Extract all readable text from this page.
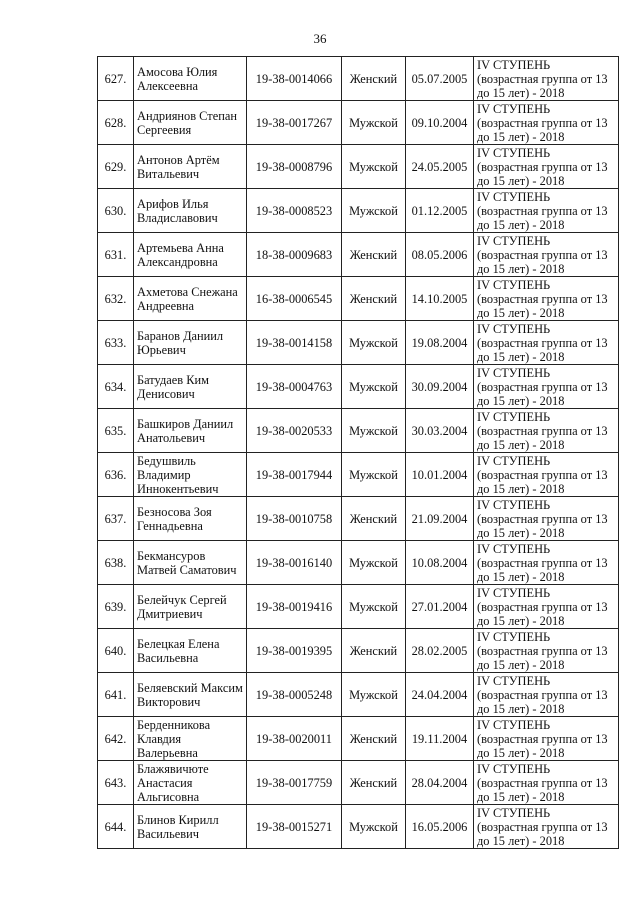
36
627.	Амосова Юлия Алексеевна	19-38-0014066	Женский	05.07.2005	IV СТУПЕНЬ
(возрастная группа от 13
до 15 лет) - 2018

628.	Андриянов Степан Сергеевия	19-38-0017267	Мужской	09.10.2004	IV СТУПЕНЬ
(возрастная группа от 13
до 15 лет) - 2018

629.	Антонов Артём Витальевич	19-38-0008796	Мужской	24.05.2005	IV СТУПЕНЬ
(возрастная группа от 13
до 15 лет) - 2018

630.	Арифов Илья Владиславович	19-38-0008523	Мужской	01.12.2005	IV СТУПЕНЬ
(возрастная группа от 13
до 15 лет) - 2018

631.	Артемьева Анна Александровна	18-38-0009683	Женский	08.05.2006	IV СТУПЕНЬ
(возрастная группа от 13
до 15 лет) - 2018

632.	Ахметова Снежана Андреевна	16-38-0006545	Женский	14.10.2005	IV СТУПЕНЬ
(возрастная группа от 13
до 15 лет) - 2018

633.	Баранов Даниил Юрьевич	19-38-0014158	Мужской	19.08.2004	IV СТУПЕНЬ
(возрастная группа от 13
до 15 лет) - 2018

634.	Батудаев Ким Денисович	19-38-0004763	Мужской	30.09.2004	IV СТУПЕНЬ
(возрастная группа от 13
до 15 лет) - 2018

635.	Башкиров Даниил Анатольевич	19-38-0020533	Мужской	30.03.2004	IV СТУПЕНЬ
(возрастная группа от 13
до 15 лет) - 2018

636.	Бедушвиль Владимир Иннокентьевич	19-38-0017944	Мужской	10.01.2004	IV СТУПЕНЬ
(возрастная группа от 13
до 15 лет) - 2018

637.	Безносова Зоя Геннадьевна	19-38-0010758	Женский	21.09.2004	IV СТУПЕНЬ
(возрастная группа от 13
до 15 лет) - 2018

638.	Бекмансуров Матвей Саматович	19-38-0016140	Мужской	10.08.2004	IV СТУПЕНЬ
(возрастная группа от 13
до 15 лет) - 2018

639.	Белейчук Сергей Дмитриевич	19-38-0019416	Мужской	27.01.2004	IV СТУПЕНЬ
(возрастная группа от 13
до 15 лет) - 2018

640.	Белецкая Елена Васильевна	19-38-0019395	Женский	28.02.2005	IV СТУПЕНЬ
(возрастная группа от 13
до 15 лет) - 2018

641.	Беляевский Максим Викторович	19-38-0005248	Мужской	24.04.2004	IV СТУПЕНЬ
(возрастная группа от 13
до 15 лет) - 2018

642.	Берденникова Клавдия Валерьевна	19-38-0020011	Женский	19.11.2004	IV СТУПЕНЬ
(возрастная группа от 13
до 15 лет) - 2018

643.	Блажявичюте Анастасия Альгисовна	19-38-0017759	Женский	28.04.2004	IV СТУПЕНЬ
(возрастная группа от 13
до 15 лет) - 2018

644.	Блинов Кирилл Васильевич	19-38-0015271	Мужской	16.05.2006	IV СТУПЕНЬ
(возрастная группа от 13
до 15 лет) - 2018
